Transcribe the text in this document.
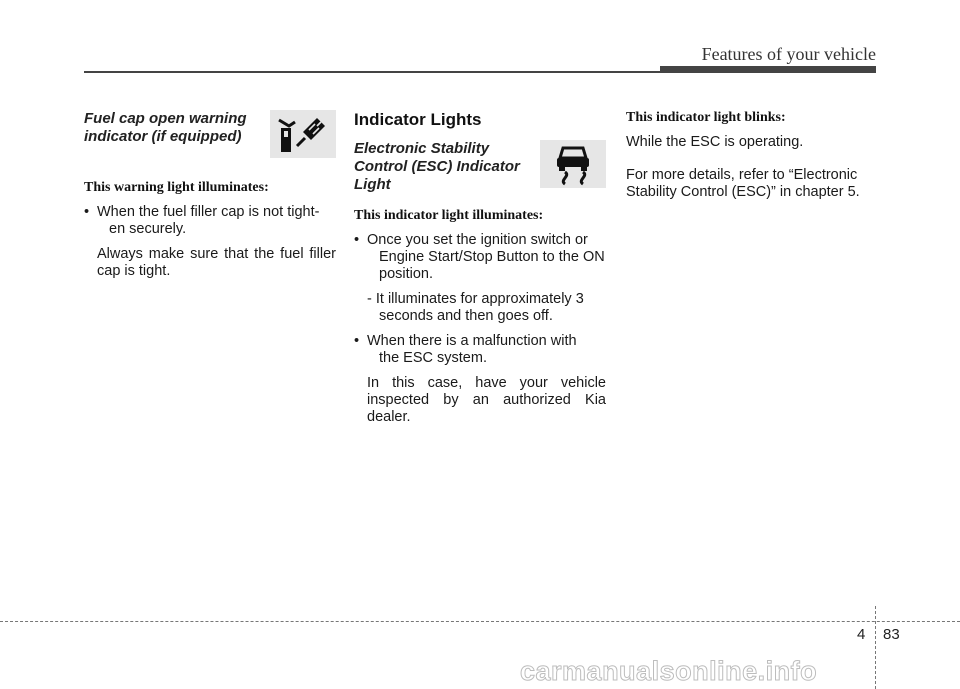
Features of your vehicle

Fuel cap open warning indicator (if equipped)

This warning light illuminates:

• When the fuel filler cap is not tight-
en securely.

Always make sure that the fuel filler cap is tight.

Indicator Lights

Electronic Stability Control (ESC) Indicator Light

This indicator light illuminates:

• Once you set the ignition switch or
Engine Start/Stop Button to the ON position.
- It illuminates for approximately 3
seconds and then goes off.
• When there is a malfunction with
the ESC system.

In this case, have your vehicle inspected by an authorized Kia dealer.

This indicator light blinks:

While the ESC is operating.

For more details, refer to “Electronic Stability Control (ESC)” in chapter 5.

4 83
carmanualsonline.info
